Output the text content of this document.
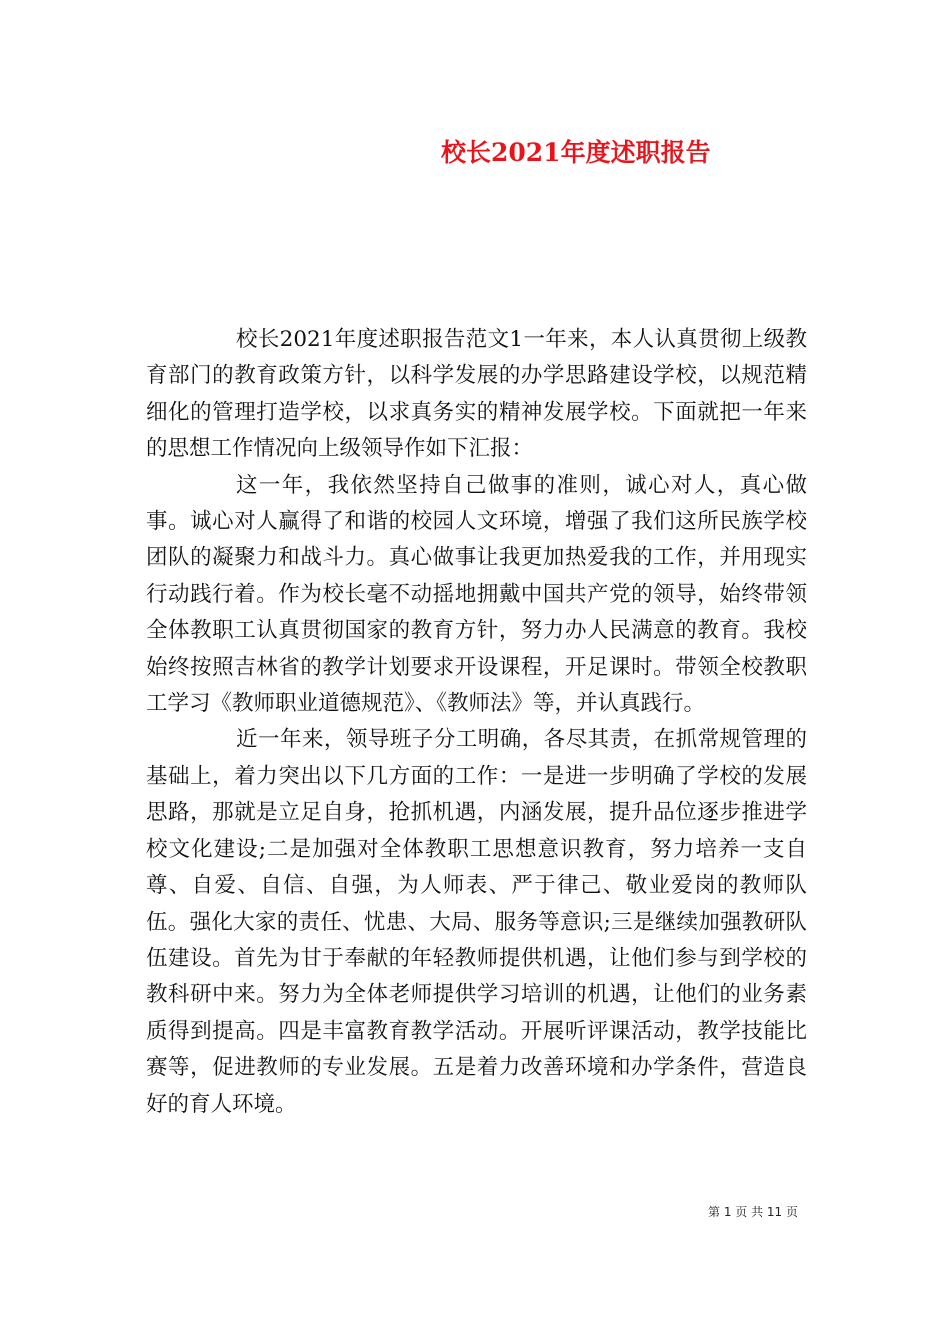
校长2021年度述职报告

校长2021年度述职报告范文1一年来，本人认真贯彻上级教育部门的教育政策方针，以科学发展的办学思路建设学校，以规范精细化的管理打造学校，以求真务实的精神发展学校。下面就把一年来的思想工作情况向上级领导作如下汇报：

这一年，我依然坚持自己做事的准则，诚心对人，真心做事。诚心对人赢得了和谐的校园人文环境，增强了我们这所民族学校团队的凝聚力和战斗力。真心做事让我更加热爱我的工作，并用现实行动践行着。作为校长毫不动摇地拥戴中国共产党的领导，始终带领全体教职工认真贯彻国家的教育方针，努力办人民满意的教育。我校始终按照吉林省的教学计划要求开设课程，开足课时。带领全校教职工学习《教师职业道德规范》、《教师法》等，并认真践行。

近一年来，领导班子分工明确，各尽其责，在抓常规管理的基础上，着力突出以下几方面的工作：一是进一步明确了学校的发展思路，那就是立足自身，抢抓机遇，内涵发展，提升品位逐步推进学校文化建设;二是加强对全体教职工思想意识教育，努力培养一支自尊、自爱、自信、自强，为人师表、严于律己、敬业爱岗的教师队伍。强化大家的责任、忧患、大局、服务等意识;三是继续加强教研队伍建设。首先为甘于奉献的年轻教师提供机遇，让他们参与到学校的教科研中来。努力为全体老师提供学习培训的机遇，让他们的业务素质得到提高。四是丰富教育教学活动。开展听评课活动，教学技能比赛等，促进教师的专业发展。五是着力改善环境和办学条件，营造良好的育人环境。

第 1 页 共 11 页
